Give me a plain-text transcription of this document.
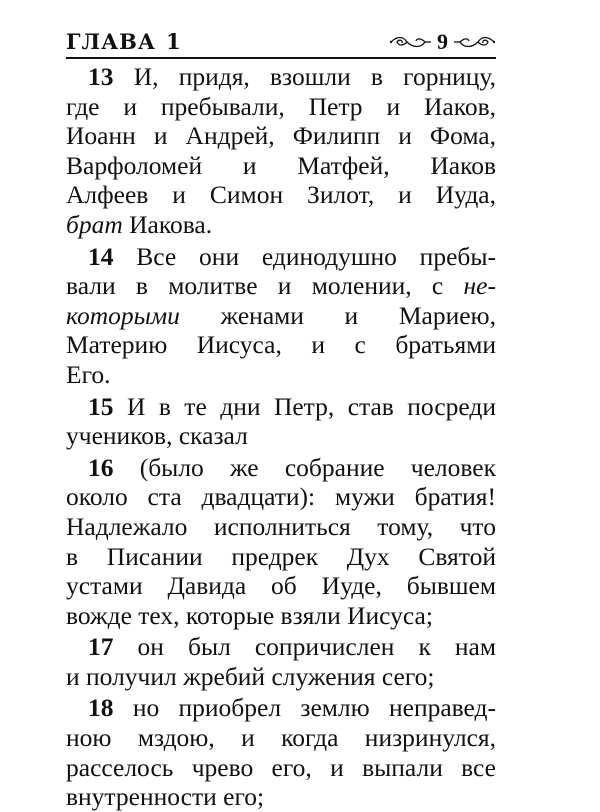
ГЛАВА 1	9
13 И, придя, взошли в горницу,
где и пребывали, Петр и Иаков,
Иоанн и Андрей, Филипп и Фома,
Варфоломей и Матфей, Иаков
Алфеев и Симон Зилот, и Иуда,
брат Иакова.
14 Все они единодушно пребы-
вали в молитве и молении, с не-
которыми женами и Мариею,
Материю Иисуса, и с братьями
Его.
15 И в те дни Петр, став посреди
учеников, сказал
16 (было же собрание человек
около ста двадцати): мужи братия!
Надлежало исполниться тому, что
в Писании предрек Дух Святой
устами Давида об Иуде, бывшем
вожде тех, которые взяли Иисуса;
17 он был сопричислен к нам
и получил жребий служения сего;
18 но приобрел землю неправед-
ною мздою, и когда низринулся,
расселось чрево его, и выпали все
внутренности его;
